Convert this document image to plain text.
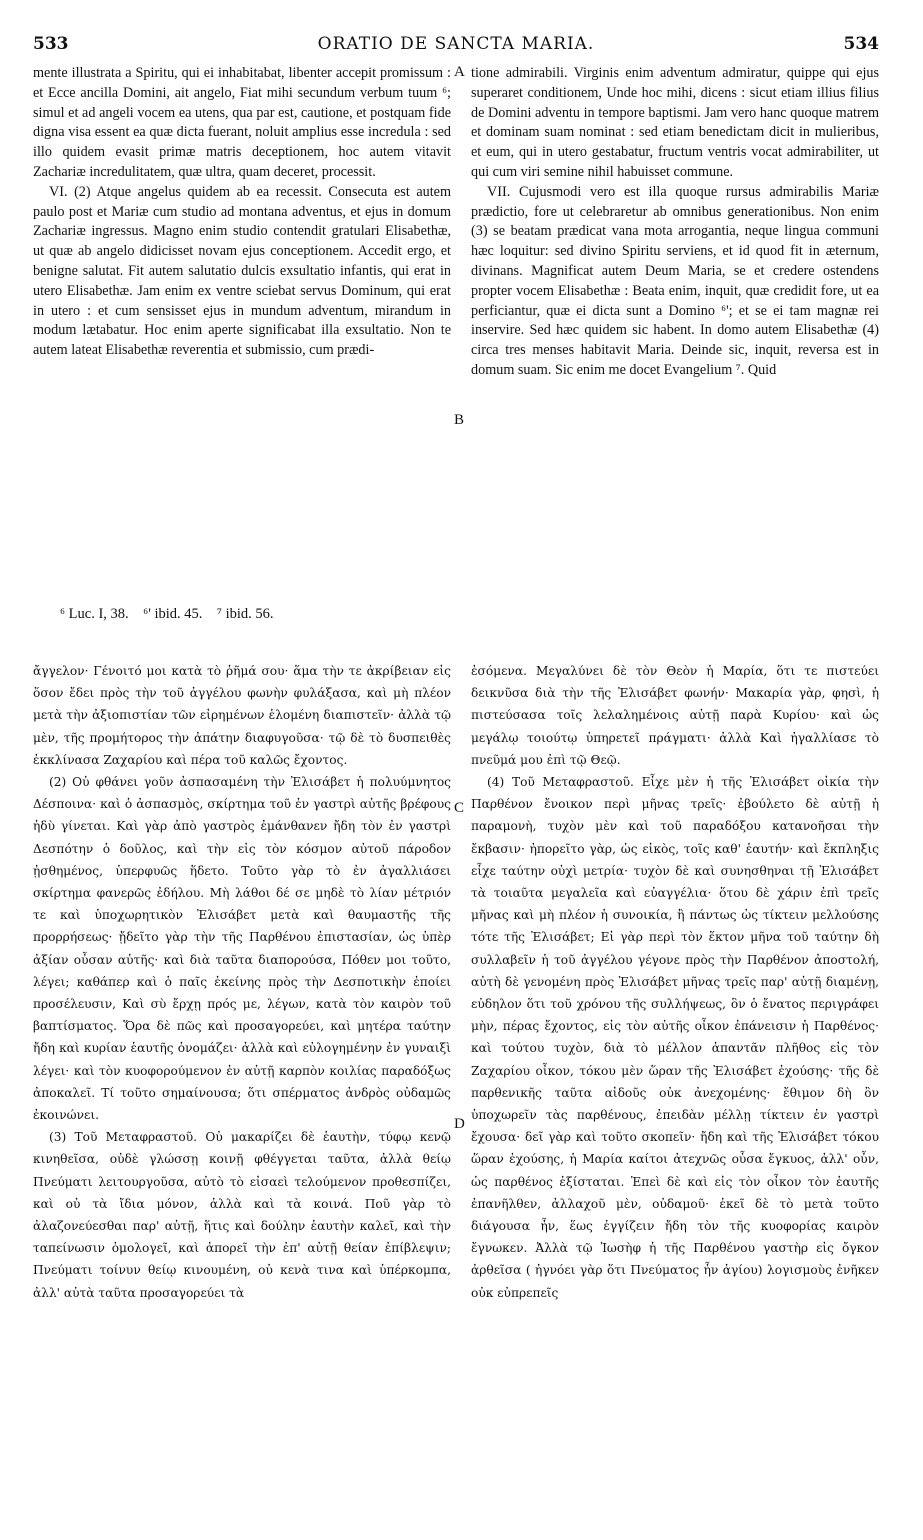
533	ORATIO DE SANCTA MARIA.	534

mente illustrata a Spiritu, qui ei inhabitabat, libenter accepit promissum : et Ecce ancilla Domini, ait angelo, Fiat mihi secundum verbum tuum ⁶; simul et ad angeli vocem ea utens, qua par est, cautione, et postquam fide digna visa essent ea quæ dicta fuerant, noluit amplius esse incredula : sed illo quidem evasit primæ matris deceptionem, hoc autem vitavit Zachariæ incredulitatem, quæ ultra, quam deceret, processit.

VI. (2) Atque angelus quidem ab ea recessit. Consecuta est autem paulo post et Mariæ cum studio ad montana adventus, et ejus in domum Zachariæ ingressus. Magno enim studio contendit gratulari Elisabethæ, ut quæ ab angelo didicisset novam ejus conceptionem. Accedit ergo, et benigne salutat. Fit autem salutatio dulcis exsultatio infantis, qui erat in utero Elisabethæ. Jam enim ex ventre sciebat servus Dominum, qui erat in utero : et cum sensisset ejus in mundum adventum, mirandum in modum lætabatur. Hoc enim aperte significabat illa exsultatio. Non te autem lateat Elisabethæ reverentia et submissio, cum prædi-

tione admirabili. Virginis enim adventum admiratur, quippe qui ejus superaret conditionem, Unde hoc mihi, dicens : sicut etiam illius filius de Domini adventu in tempore baptismi. Jam vero hanc quoque matrem et dominam suam nominat : sed etiam benedictam dicit in mulieribus, et eum, qui in utero gestabatur, fructum ventris vocat admirabiliter, ut qui cum viri semine nihil habuisset commune.

VII. Cujusmodi vero est illa quoque rursus admirabilis Mariæ prædictio, fore ut celebraretur ab omnibus generationibus. Non enim (3) se beatam prædicat vana mota arrogantia, neque lingua communi hæc loquitur: sed divino Spiritu serviens, et id quod fit in æternum, divinans. Magnificat autem Deum Maria, se et credere ostendens propter vocem Elisabethæ : Beata enim, inquit, quæ credidit fore, ut ea perficiantur, quæ ei dicta sunt a Domino ⁶'; et se ei tam magnæ rei inservire. Sed hæc quidem sic habent. In domo autem Elisabethæ (4) circa tres menses habitavit Maria. Deinde sic, inquit, reversa est in domum suam. Sic enim me docet Evangelium ⁷. Quid

⁶ Luc. I, 38.    ⁶' ibid. 45.    ⁷ ibid. 56.

ἄγγελον· Γένοιτό μοι κατὰ τὸ ῥῆμά σου· ἅμα τὴν τε ἀκρίβειαν εἰς ὅσον ἔδει πρὸς τὴν τοῦ ἀγγέλου φωνὴν φυλάξασα, καὶ μὴ πλέον μετὰ τὴν ἀξιοπιστίαν τῶν εἰρημένων ἑλομένη διαπιστεῖν· ἀλλὰ τῷ μὲν, τῆς προμήτορος τὴν ἀπάτην διαφυγοῦσα· τῷ δὲ τὸ δυσπειθὲς ἐκκλίνασα Ζαχαρίου καὶ πέρα τοῦ καλῶς ἔχοντος.

(2) Οὐ φθάνει γοῦν ἀσπασαμένη τὴν Ἐλισάβετ ἡ πολυύμνητος Δέσποινα· καὶ ὁ ἀσπασμὸς, σκίρτημα τοῦ ἐν γαστρὶ αὐτῆς βρέφους ἡδὺ γίνεται. Καὶ γὰρ ἀπὸ γαστρὸς ἐμάνθανεν ἤδη τὸν ἐν γαστρὶ Δεσπότην ὁ δοῦλος, καὶ τὴν εἰς τὸν κόσμον αὐτοῦ πάροδον ᾐσθημένος, ὑπερφυῶς ἥδετο. Τοῦτο γὰρ τὸ ἐν ἀγαλλιάσει σκίρτημα φανερῶς ἐδήλου. Μὴ λάθοι δέ σε μηδὲ τὸ λίαν μέτριόν τε καὶ ὑποχωρητικὸν Ἐλισάβετ μετὰ καὶ θαυμαστῆς τῆς προρρήσεως· ᾔδεῖτο γὰρ τὴν τῆς Παρθένου ἐπιστασίαν, ὡς ὑπὲρ ἀξίαν οὖσαν αὐτῆς· καὶ διὰ ταῦτα διαπορούσα, Πόθεν μοι τοῦτο, λέγει; καθάπερ καὶ ὁ παῖς ἐκείνης πρὸς τὴν Δεσποτικὴν ἐποίει προσέλευσιν, Καὶ σὺ ἔρχῃ πρός με, λέγων, κατὰ τὸν καιρὸν τοῦ βαπτίσματος. Ὅρα δὲ πῶς καὶ προσαγορεύει, καὶ μητέρα ταύτην ἤδη καὶ κυρίαν ἑαυτῆς ὀνομάζει· ἀλλὰ καὶ εὐλογημένην ἐν γυναιξὶ λέγει· καὶ τὸν κυοφορούμενον ἐν αὐτῇ καρπὸν κοιλίας παραδόξως ἀποκαλεῖ. Τί τοῦτο σημαίνουσα; ὅτι σπέρματος ἀνδρὸς οὐδαμῶς ἐκοινώνει.

(3) Τοῦ Μεταφραστοῦ. Οὐ μακαρίζει δὲ ἑαυτὴν, τύφῳ κενῷ κινηθεῖσα, οὐδὲ γλώσσῃ κοινῇ φθέγγεται ταῦτα, ἀλλὰ θείῳ Πνεύματι λειτουργοῦσα, αὐτὸ τὸ εἰσαεὶ τελούμενον προθεσπίζει, καὶ οὐ τὰ ἴδια μόνον, ἀλλὰ καὶ τὰ κοινά. Ποῦ γὰρ τὸ ἀλαζονεύεσθαι παρ' αὐτῇ, ἥτις καὶ δούλην ἑαυτὴν καλεῖ, καὶ τὴν ταπείνωσιν ὁμολογεῖ, καὶ ἀπορεῖ τὴν ἐπ' αὐτῇ θείαν ἐπίβλεψιν; Πνεύματι τοίνυν θείῳ κινουμένη, οὐ κενὰ τινα καὶ ὑπέρκομπα, ἀλλ' αὐτὰ ταῦτα προσαγορεύει τὰ

ἐσόμενα. Μεγαλύνει δὲ τὸν Θεὸν ἡ Μαρία, ὅτι τε πιστεύει δεικνῦσα διὰ τὴν τῆς Ἐλισάβετ φωνήν· Μακαρία γὰρ, φησὶ, ἡ πιστεύσασα τοῖς λελαλημένοις αὐτῇ παρὰ Κυρίου· καὶ ὡς μεγάλῳ τοιούτῳ ὑπηρετεῖ πράγματι· ἀλλὰ Καὶ ἠγαλλίασε τὸ πνεῦμά μου ἐπὶ τῷ Θεῷ.

(4) Τοῦ Μεταφραστοῦ. Εἶχε μὲν ἡ τῆς Ἐλισάβετ οἰκία τὴν Παρθένον ἔνοικον περὶ μῆνας τρεῖς· ἐβούλετο δὲ αὐτῇ ἡ παραμονὴ, τυχὸν μὲν καὶ τοῦ παραδόξου κατανοῆσαι τὴν ἔκβασιν· ἠπορεῖτο γὰρ, ὡς εἰκὸς, τοῖς καθ' ἑαυτήν· καὶ ἔκπληξις εἶχε ταύτην οὐχὶ μετρία· τυχὸν δὲ καὶ συνησθηναι τῇ Ἐλισάβετ τὰ τοιαῦτα μεγαλεῖα καὶ εὐαγγέλια· ὅτου δὲ χάριν ἐπὶ τρεῖς μῆνας καὶ μὴ πλέον ἡ συνοικία, ἢ πάντως ὡς τίκτειν μελλούσης τότε τῆς Ἐλισάβετ; Εἰ γὰρ περὶ τὸν ἕκτον μῆνα τοῦ ταύτην δὴ συλλαβεῖν ἡ τοῦ ἀγγέλου γέγονε πρὸς τὴν Παρθένον ἀποστολή, αὐτὴ δὲ γενομένη πρὸς Ἐλισάβετ μῆνας τρεῖς παρ' αὐτῇ διαμένῃ, εὐδηλον ὅτι τοῦ χρόνου τῆς συλλήψεως, ὃν ὁ ἔνατος περιγράφει μὴν, πέρας ἔχοντος, εἰς τὸν αὐτῆς οἶκον ἐπάνεισιν ἡ Παρθένος· καὶ τούτου τυχὸν, διὰ τὸ μέλλον ἀπαντᾶν πλῆθος εἰς τὸν Ζαχαρίου οἶκον, τόκου μὲν ὥραν τῆς Ἐλισάβετ ἐχούσης· τῆς δὲ παρθενικῆς ταῦτα αἰδοῦς οὐκ ἀνεχομένης· ἔθιμον δὴ ὂν ὑποχωρεῖν τὰς παρθένους, ἐπειδὰν μέλλῃ τίκτειν ἐν γαστρὶ ἔχουσα· δεῖ γὰρ καὶ τοῦτο σκοπεῖν· ἤδη καὶ τῆς Ἐλισάβετ τόκου ὥραν ἐχούσης, ἡ Μαρία καίτοι ἀτεχνῶς οὖσα ἔγκυος, ἀλλ' οὖν, ὡς παρθένος ἐξίσταται. Ἐπεὶ δὲ καὶ εἰς τὸν οἶκον τὸν ἑαυτῆς ἐπανῆλθεν, ἀλλαχοῦ μὲν, οὐδαμοῦ· ἐκεῖ δὲ τὸ μετὰ τοῦτο διάγουσα ἦν, ἕως ἐγγίζειν ἤδη τὸν τῆς κυοφορίας καιρὸν ἔγνωκεν. Ἀλλὰ τῷ Ἰωσὴφ ἡ τῆς Παρθένου γαστὴρ εἰς ὄγκον ἀρθεῖσα ( ἠγνόει γὰρ ὅτι Πνεύματος ἦν ἁγίου) λογισμοὺς ἐνῆκεν οὐκ εὐπρεπεῖς

A
B
C
D
